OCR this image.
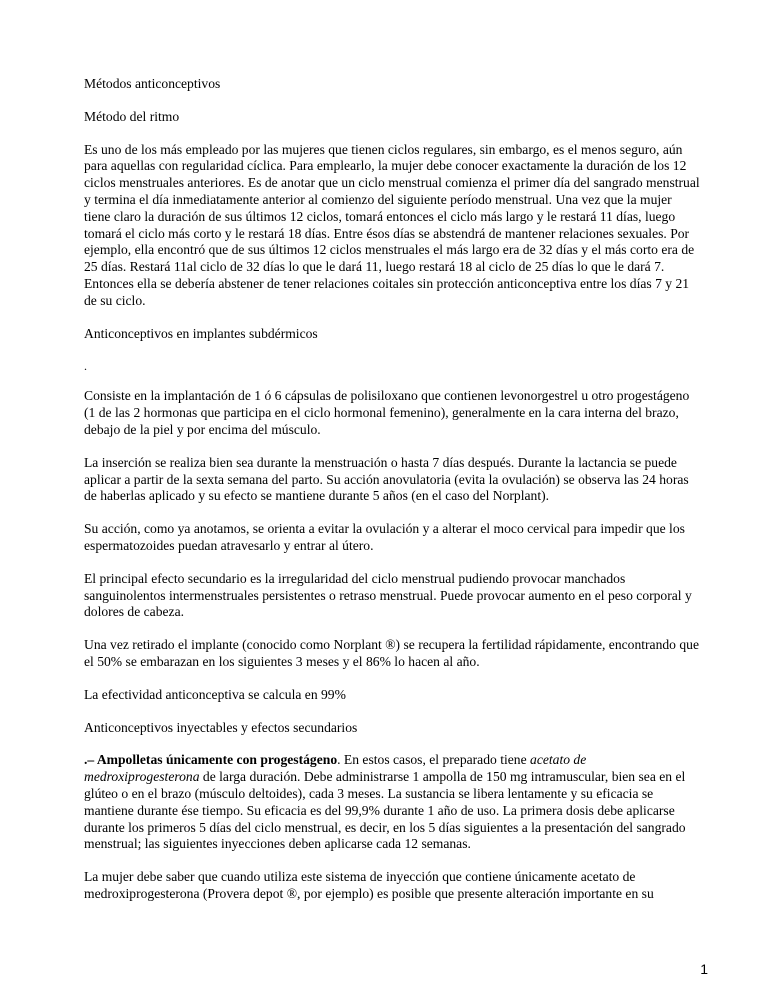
Métodos anticonceptivos

Método del ritmo

Es uno de los más empleado por las mujeres que tienen ciclos regulares, sin embargo, es el menos seguro, aún para aquellas con regularidad cíclica. Para emplearlo, la mujer debe conocer exactamente la duración de los 12 ciclos menstruales anteriores. Es de anotar que un ciclo menstrual comienza el primer día del sangrado menstrual y termina el día inmediatamente anterior al comienzo del siguiente período menstrual. Una vez que la mujer tiene claro la duración de sus últimos 12 ciclos, tomará entonces el ciclo más largo y le restará 11 días, luego tomará el ciclo más corto y le restará 18 días. Entre ésos días se abstendrá de mantener relaciones sexuales. Por ejemplo, ella encontró que de sus últimos 12 ciclos menstruales el más largo era de 32 días y el más corto era de 25 días. Restará 11al ciclo de 32 días lo que le dará 11, luego restará 18 al ciclo de 25 días lo que le dará 7. Entonces ella se debería abstener de tener relaciones coitales sin protección anticonceptiva entre los días 7 y 21 de su ciclo.

Anticonceptivos en implantes subdérmicos

.

Consiste en la implantación de 1 ó 6 cápsulas de polisiloxano que contienen levonorgestrel u otro progestágeno (1 de las 2 hormonas que participa en el ciclo hormonal femenino), generalmente en la cara interna del brazo, debajo de la piel y por encima del músculo.

La inserción se realiza bien sea durante la menstruación o hasta 7 días después. Durante la lactancia se puede aplicar a partir de la sexta semana del parto. Su acción anovulatoria (evita la ovulación) se observa las 24 horas de haberlas aplicado y su efecto se mantiene durante 5 años (en el caso del Norplant).

Su acción, como ya anotamos, se orienta a evitar la ovulación y a alterar el moco cervical para impedir que los espermatozoides puedan atravesarlo y entrar al útero.

El principal efecto secundario es la irregularidad del ciclo menstrual pudiendo provocar manchados sanguinolentos intermenstruales persistentes o retraso menstrual. Puede provocar aumento en el peso corporal y dolores de cabeza.

Una vez retirado el implante (conocido como Norplant ®) se recupera la fertilidad rápidamente, encontrando que el 50% se embarazan en los siguientes 3 meses y el 86% lo hacen al año.

La efectividad anticonceptiva se calcula en 99%

Anticonceptivos inyectables y efectos secundarios

.– Ampolletas únicamente con progestágeno. En estos casos, el preparado tiene acetato de medroxiprogesterona de larga duración. Debe administrarse 1 ampolla de 150 mg intramuscular, bien sea en el glúteo o en el brazo (músculo deltoides), cada 3 meses. La sustancia se libera lentamente y su eficacia se mantiene durante ése tiempo. Su eficacia es del 99,9% durante 1 año de uso. La primera dosis debe aplicarse durante los primeros 5 días del ciclo menstrual, es decir, en los 5 días siguientes a la presentación del sangrado menstrual; las siguientes inyecciones deben aplicarse cada 12 semanas.

La mujer debe saber que cuando utiliza este sistema de inyección que contiene únicamente acetato de medroxiprogesterona (Provera depot ®, por ejemplo) es posible que presente alteración importante en su

1
